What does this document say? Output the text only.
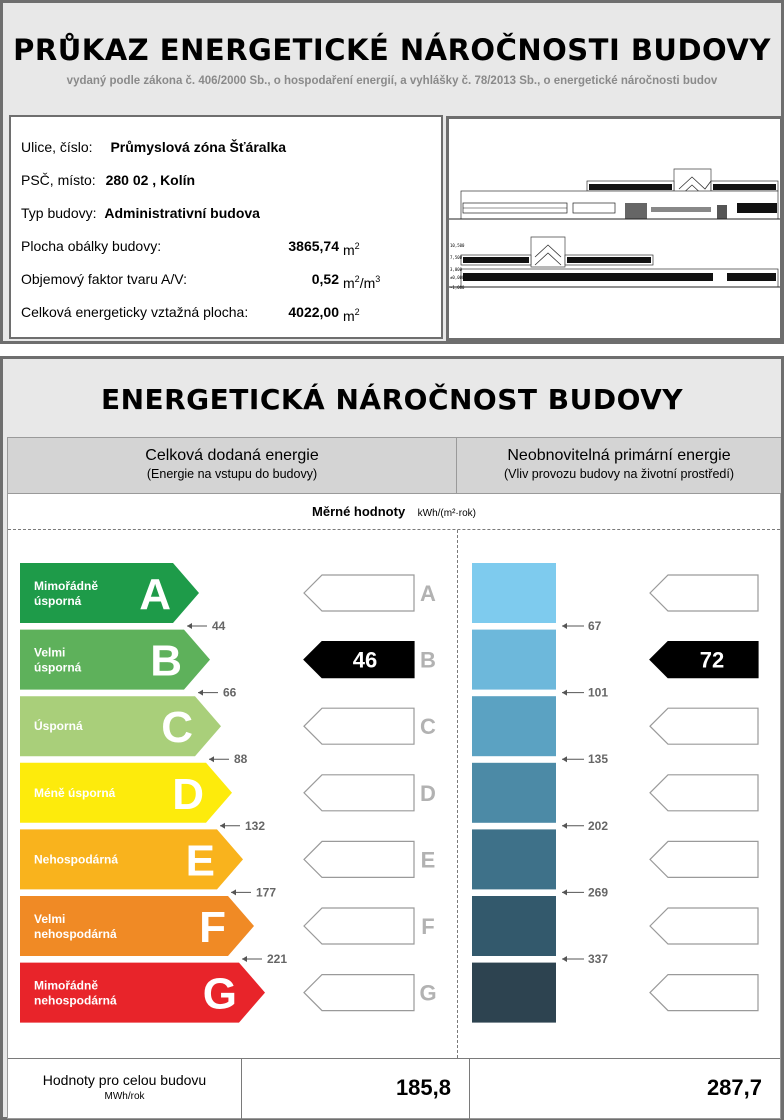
PRŮKAZ ENERGETICKÉ NÁROČNOSTI BUDOVY
vydaný podle zákona č. 406/2000 Sb., o hospodaření energií, a vyhlášky č. 78/2013 Sb., o energetické náročnosti budov
Ulice, číslo: Průmyslová zóna Šťáralka
PSČ, místo: 280 02 , Kolín
Typ budovy: Administrativní budova
Plocha obálky budovy:	3865,74 $m^2$
Objemový faktor tvaru A/V:	0,52 $m^2/m^3$
Celková energeticky vztažná plocha:	4022,00 $m^2$
10,500
7,500
3,000
±0,000
-1,000
ENERGETICKÁ NÁROČNOST BUDOVY
Celková dodaná energie
(Energie na vstupu do budovy)
Neobnovitelná primární energie
(Vliv provozu budovy na životní prostředí)
Měrné hodnoty kWh/(m²·rok)
Mimořádně
úsporná A	A
Velmi
úsporná B	46 B	72
Úsporná C	C
Méně úsporná D	D
Nehospodárná E	E
Velmi
nehospodárná F	F
Mimořádně
nehospodárná G	G
44	67
66	101
88	135
132	202
177	269
221	337
Hodnoty pro celou budovu
MWh/rok	185,8	287,7
